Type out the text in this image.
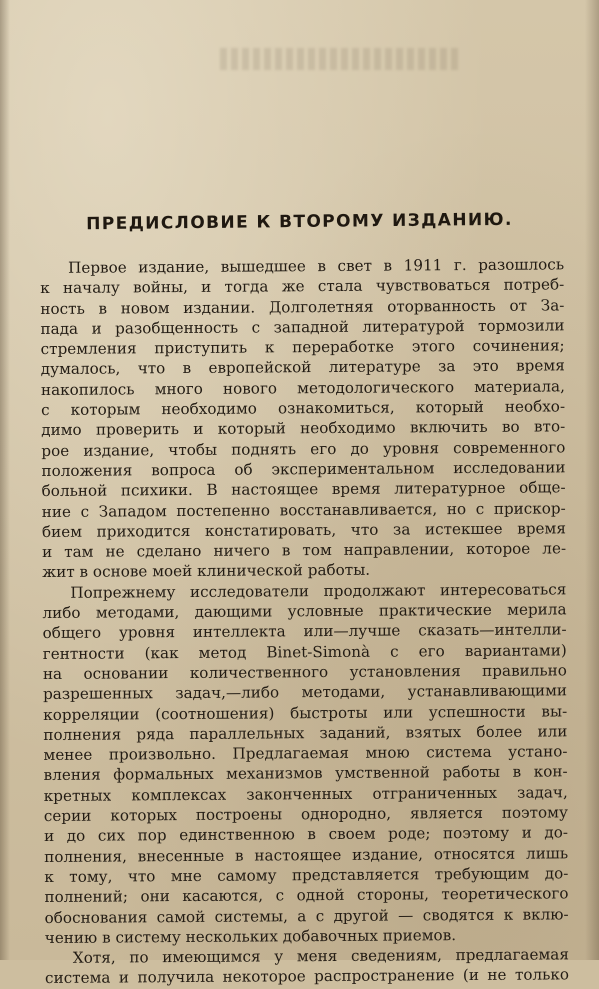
ПРЕДИСЛОВИЕ К ВТОРОМУ ИЗДАНИЮ.
Первое издание, вышедшее в свет в 1911 г. разошлось
к началу войны, и тогда же стала чувствоваться потреб-
ность в новом издании. Долголетняя оторванность от За-
пада и разобщенность с западной литературой тормозили
стремления приступить к переработке этого сочинения;
думалось, что в европейской литературе за это время
накопилось много нового методологического материала,
с которым необходимо ознакомиться, который необхо-
димо проверить и который необходимо включить во вто-
рое издание, чтобы поднять его до уровня современного
положения вопроса об экспериментальном исследовании
больной психики. В настоящее время литературное обще-
ние с Западом постепенно восстанавливается, но с прискор-
бием приходится констатировать, что за истекшее время
и там не сделано ничего в том направлении, которое ле-
жит в основе моей клинической работы.
Попрежнему исследователи продолжают интересоваться
либо методами, дающими условные практические мерила
общего уровня интеллекта или—лучше сказать—интелли-
гентности (как метод Binet-Simonà с его вариантами)
на основании количественного установления правильно
разрешенных задач,—либо методами, устанавливающими
корреляции (соотношения) быстроты или успешности вы-
полнения ряда параллельных заданий, взятых более или
менее произвольно. Предлагаемая мною система устано-
вления формальных механизмов умственной работы в кон-
кретных комплексах законченных отграниченных задач,
серии которых построены однородно, является поэтому
и до сих пор единственною в своем роде; поэтому и до-
полнения, внесенные в настоящее издание, относятся лишь
к тому, что мне самому представляется требующим до-
полнений; они касаются, с одной стороны, теоретического
обоснования самой системы, а с другой — сводятся к вклю-
чению в систему нескольких добавочных приемов.
Хотя, по имеющимся у меня сведениям, предлагаемая
система и получила некоторое распространение (и не только
